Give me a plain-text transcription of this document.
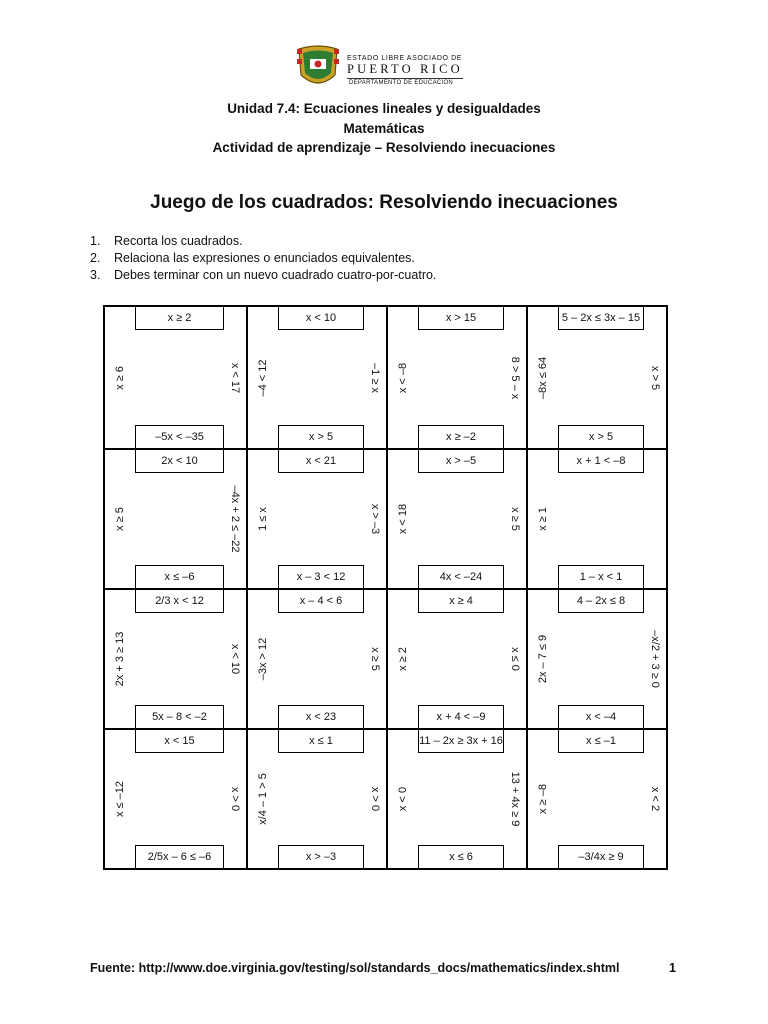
ESTADO LIBRE ASOCIADO DE
PUERTO RICO
DEPARTAMENTO DE EDUCACIÓN
Unidad 7.4: Ecuaciones lineales y desigualdades
Matemáticas
Actividad de aprendizaje – Resolviendo inecuaciones
Juego de los cuadrados: Resolviendo inecuaciones
1. Recorta los cuadrados.
2. Relaciona las expresiones o enunciados equivalentes.
3. Debes terminar con un nuevo cuadrado cuatro-por-cuatro.
x ≥ 2
x ≥ 6	x < 17
–5x < –35
x < 10
–4 < 12	–1 ≥ x
x > 5
x > 15
x < –8	8 > 5 – x
x ≥ –2
5 – 2x ≤ 3x – 15
–8x ≤ 64	x > 5
x > 5
2x < 10
x ≥ 5	–4x + 2 ≤ –22
x ≤ –6
x < 21
1 ≤ x	x > –3
x – 3 < 12
x > –5
x < 18	x ≥ 5
4x < –24
x + 1 < –8
x ≥ 1
1 – x < 1
2/3 x < 12
2x + 3 ≥ 13	x < 10
5x – 8 < –2
x – 4 < 6
–3x > 12	x ≥ 5
x < 23
x ≥ 4
x ≥ 2	x ≤ 0
x + 4 < –9
4 – 2x ≤ 8
2x – 7 ≤ 9	–x/2 + 3 ≥ 0
x < –4
x < 15
x ≤ –12	x > 0
2/5x – 6 ≤ –6
x ≤ 1
x/4 – 1 > 5	x > 0
x > –3
11 – 2x ≥ 3x + 16
x < 0	13 + 4x ≥ 9
x ≤ 6
x ≤ –1
x ≥ –8	x < 2
–3/4x ≥ 9
Fuente: http://www.doe.virginia.gov/testing/sol/standards_docs/mathematics/index.shtml	1
